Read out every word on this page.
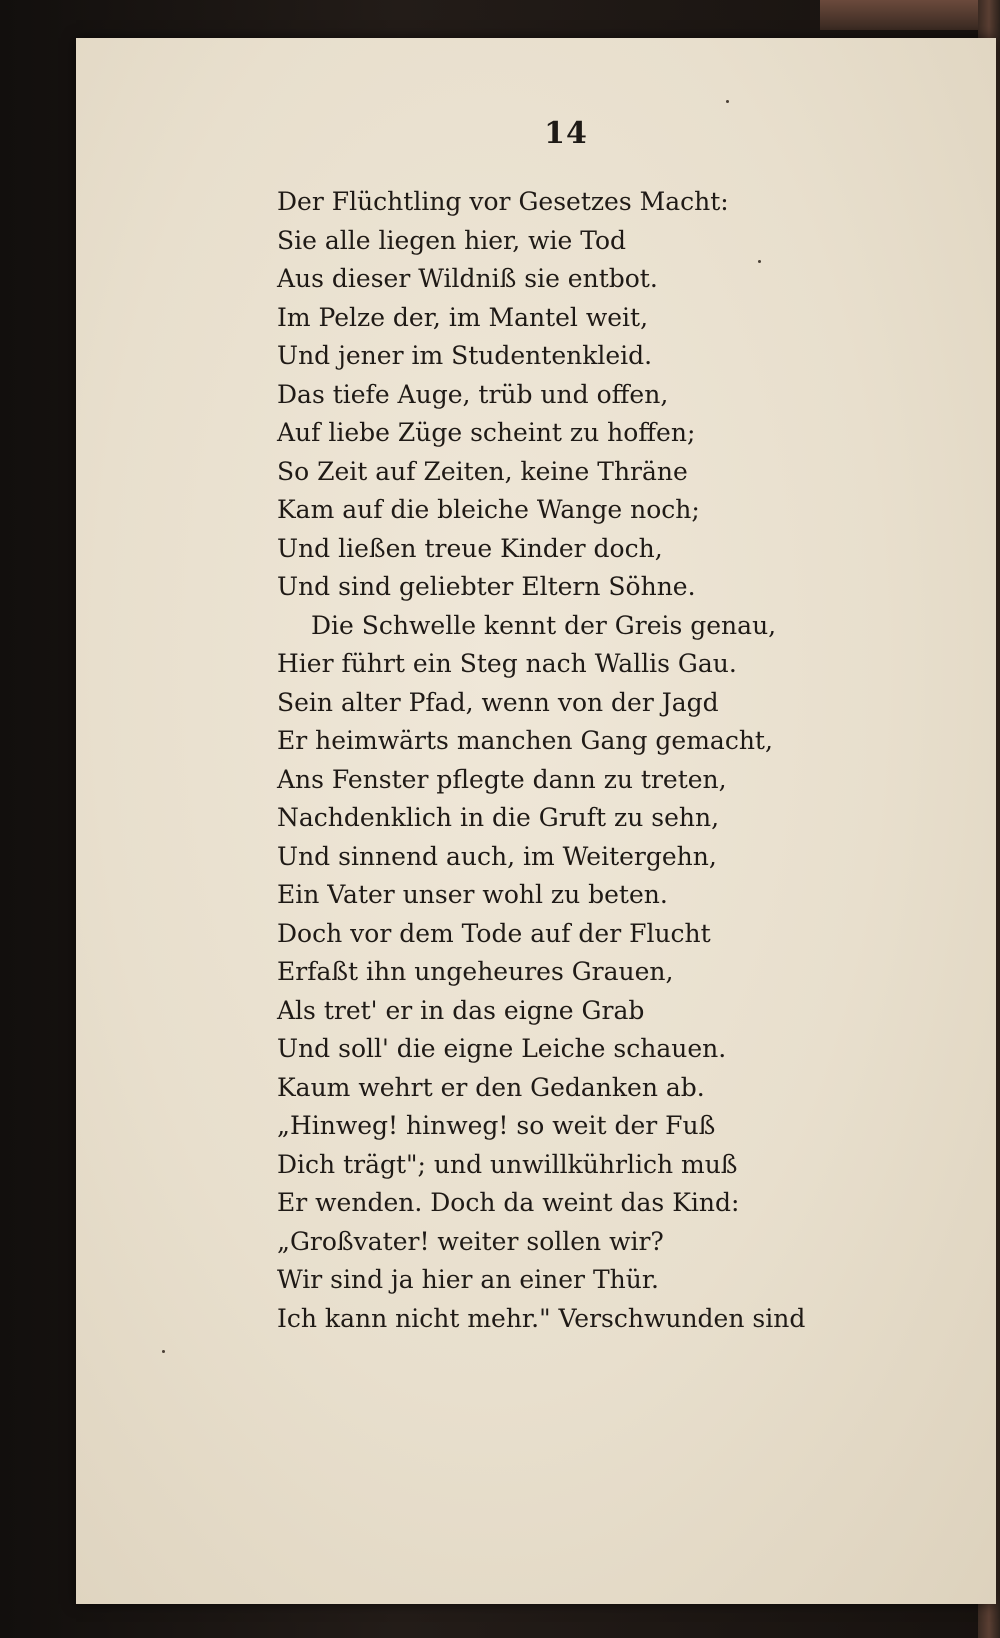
14
Der Flüchtling vor Gesetzes Macht:
Sie alle liegen hier, wie Tod
Aus dieser Wildniß sie entbot.
Im Pelze der, im Mantel weit,
Und jener im Studentenkleid.
Das tiefe Auge, trüb und offen,
Auf liebe Züge scheint zu hoffen;
So Zeit auf Zeiten, keine Thräne
Kam auf die bleiche Wange noch;
Und ließen treue Kinder doch,
Und sind geliebter Eltern Söhne.
Die Schwelle kennt der Greis genau,
Hier führt ein Steg nach Wallis Gau.
Sein alter Pfad, wenn von der Jagd
Er heimwärts manchen Gang gemacht,
Ans Fenster pflegte dann zu treten,
Nachdenklich in die Gruft zu sehn,
Und sinnend auch, im Weitergehn,
Ein Vater unser wohl zu beten.
Doch vor dem Tode auf der Flucht
Erfaßt ihn ungeheures Grauen,
Als tret' er in das eigne Grab
Und soll' die eigne Leiche schauen.
Kaum wehrt er den Gedanken ab.
„Hinweg! hinweg! so weit der Fuß
Dich trägt"; und unwillkührlich muß
Er wenden. Doch da weint das Kind:
„Großvater! weiter sollen wir?
Wir sind ja hier an einer Thür.
Ich kann nicht mehr." Verschwunden sind
